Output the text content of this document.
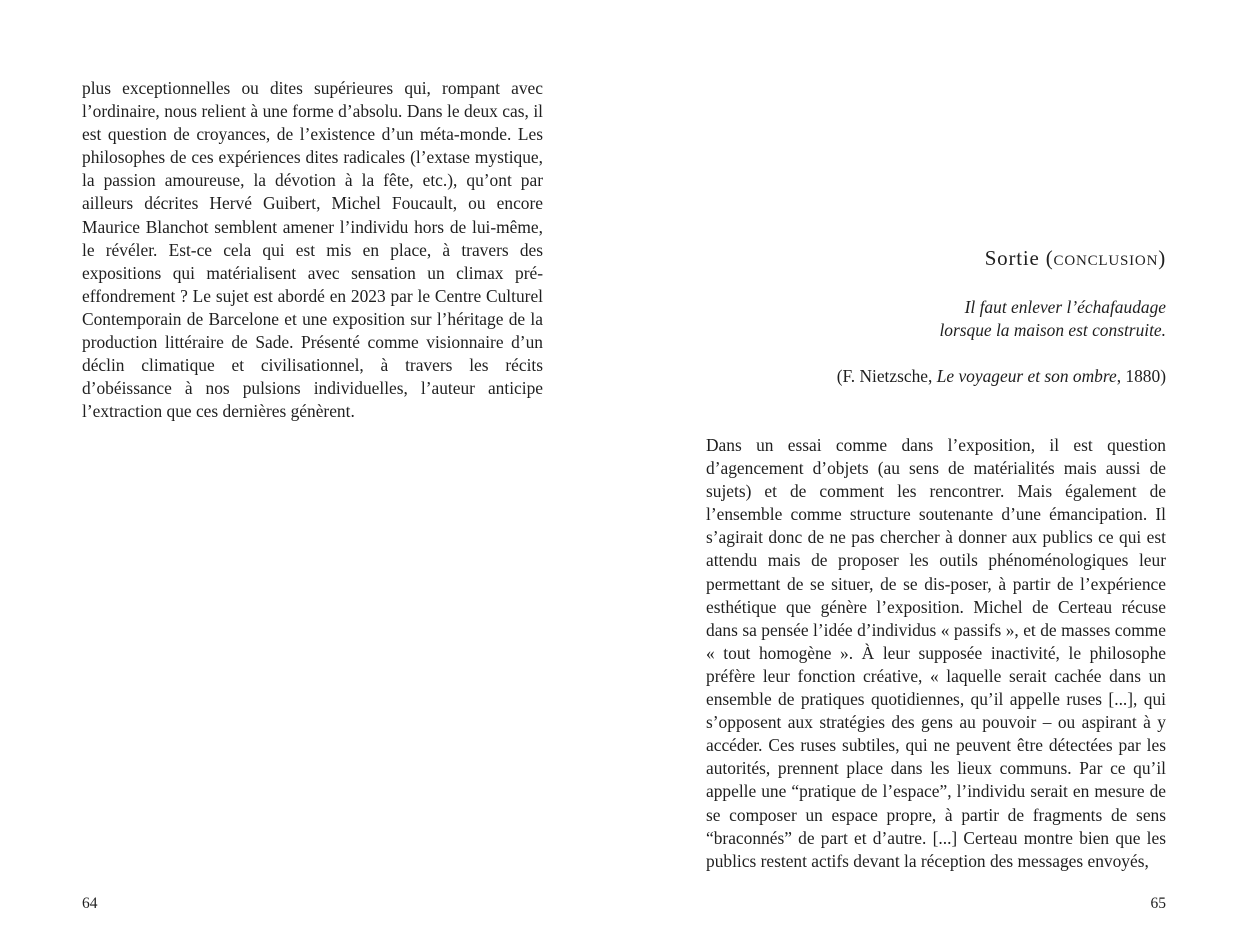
plus exceptionnelles ou dites supérieures qui, rompant avec l’ordinaire, nous relient à une forme d’absolu. Dans le deux cas, il est question de croyances, de l’existence d’un méta-monde. Les philosophes de ces expériences dites radicales (l’extase mystique, la passion amoureuse, la dévotion à la fête, etc.), qu’ont par ailleurs décrites Hervé Guibert, Michel Foucault, ou encore Maurice Blanchot semblent amener l’individu hors de lui-même, le révéler. Est-ce cela qui est mis en place, à travers des expositions qui matérialisent avec sensation un climax pré-effondrement ? Le sujet est abordé en 2023 par le Centre Culturel Contemporain de Barcelone et une exposition sur l’héritage de la production littéraire de Sade. Présenté comme visionnaire d’un déclin climatique et civilisationnel, à travers les récits d’obéissance à nos pulsions individuelles, l’auteur anticipe l’extraction que ces dernières génèrent.

64

Sortie (conclusion)

Il faut enlever l’échafaudage
lorsque la maison est construite.

(F. Nietzsche, Le voyageur et son ombre, 1880)

Dans un essai comme dans l’exposition, il est question d’agencement d’objets (au sens de matérialités mais aussi de sujets) et de comment les rencontrer. Mais également de l’ensemble comme structure soutenante d’une émancipation. Il s’agirait donc de ne pas chercher à donner aux publics ce qui est attendu mais de proposer les outils phénoménologiques leur permettant de se situer, de se dis-poser, à partir de l’expérience esthétique que génère l’exposition. Michel de Certeau récuse dans sa pensée l’idée d’individus « passifs », et de masses comme « tout homogène ». À leur supposée inactivité, le philosophe préfère leur fonction créative, « laquelle serait cachée dans un ensemble de pratiques quotidiennes, qu’il appelle ruses [...], qui s’opposent aux stratégies des gens au pouvoir – ou aspirant à y accéder. Ces ruses subtiles, qui ne peuvent être détectées par les autorités, prennent place dans les lieux communs. Par ce qu’il appelle une “pratique de l’espace”, l’individu serait en mesure de se composer un espace propre, à partir de fragments de sens “braconnés” de part et d’autre. [...] Certeau montre bien que les publics restent actifs devant la réception des messages envoyés,

65
